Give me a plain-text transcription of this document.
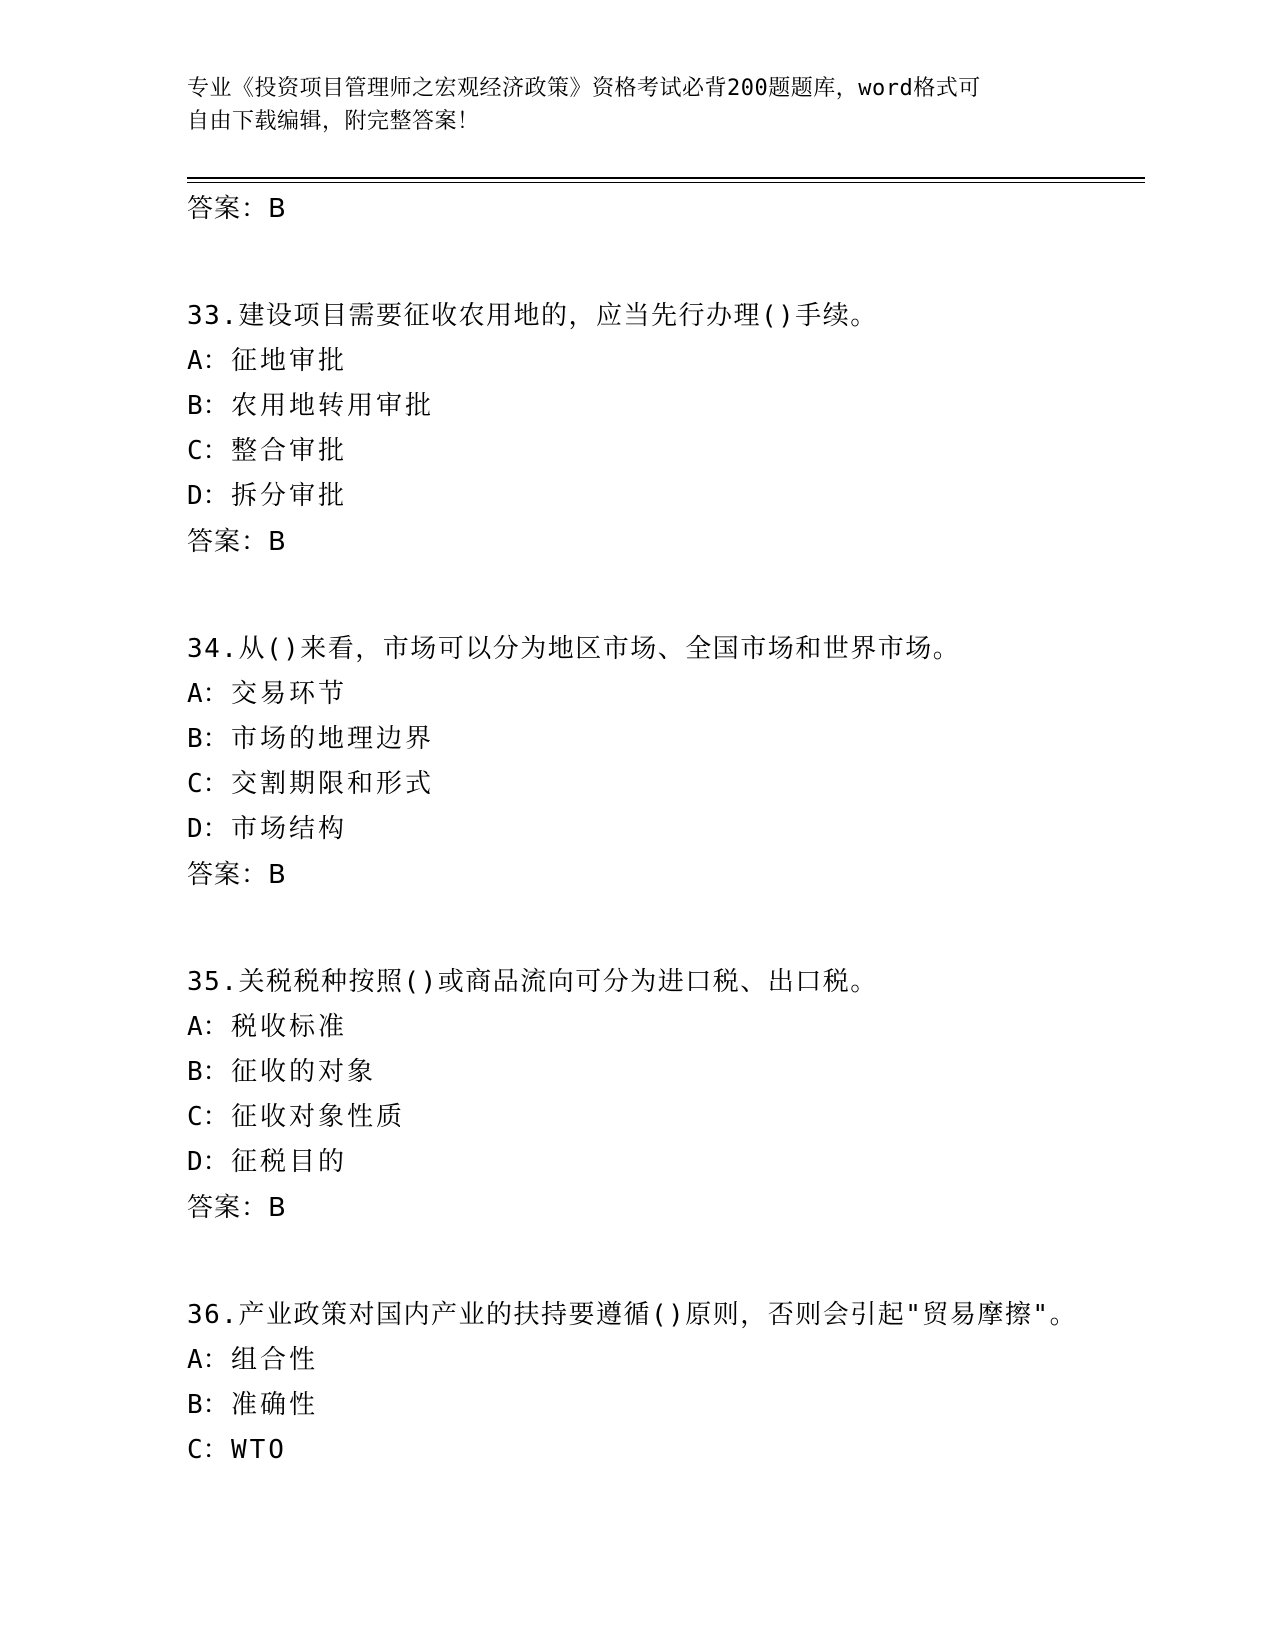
专业《投资项目管理师之宏观经济政策》资格考试必背200题题库，word格式可
自由下载编辑，附完整答案！
答案：B
33.建设项目需要征收农用地的，应当先行办理()手续。
A：征地审批
B：农用地转用审批
C：整合审批
D：拆分审批
答案：B
34.从()来看，市场可以分为地区市场、全国市场和世界市场。
A：交易环节
B：市场的地理边界
C：交割期限和形式
D：市场结构
答案：B
35.关税税种按照()或商品流向可分为进口税、出口税。
A：税收标准
B：征收的对象
C：征收对象性质
D：征税目的
答案：B
36.产业政策对国内产业的扶持要遵循()原则，否则会引起"贸易摩擦"。
A：组合性
B：准确性
C：WTO
